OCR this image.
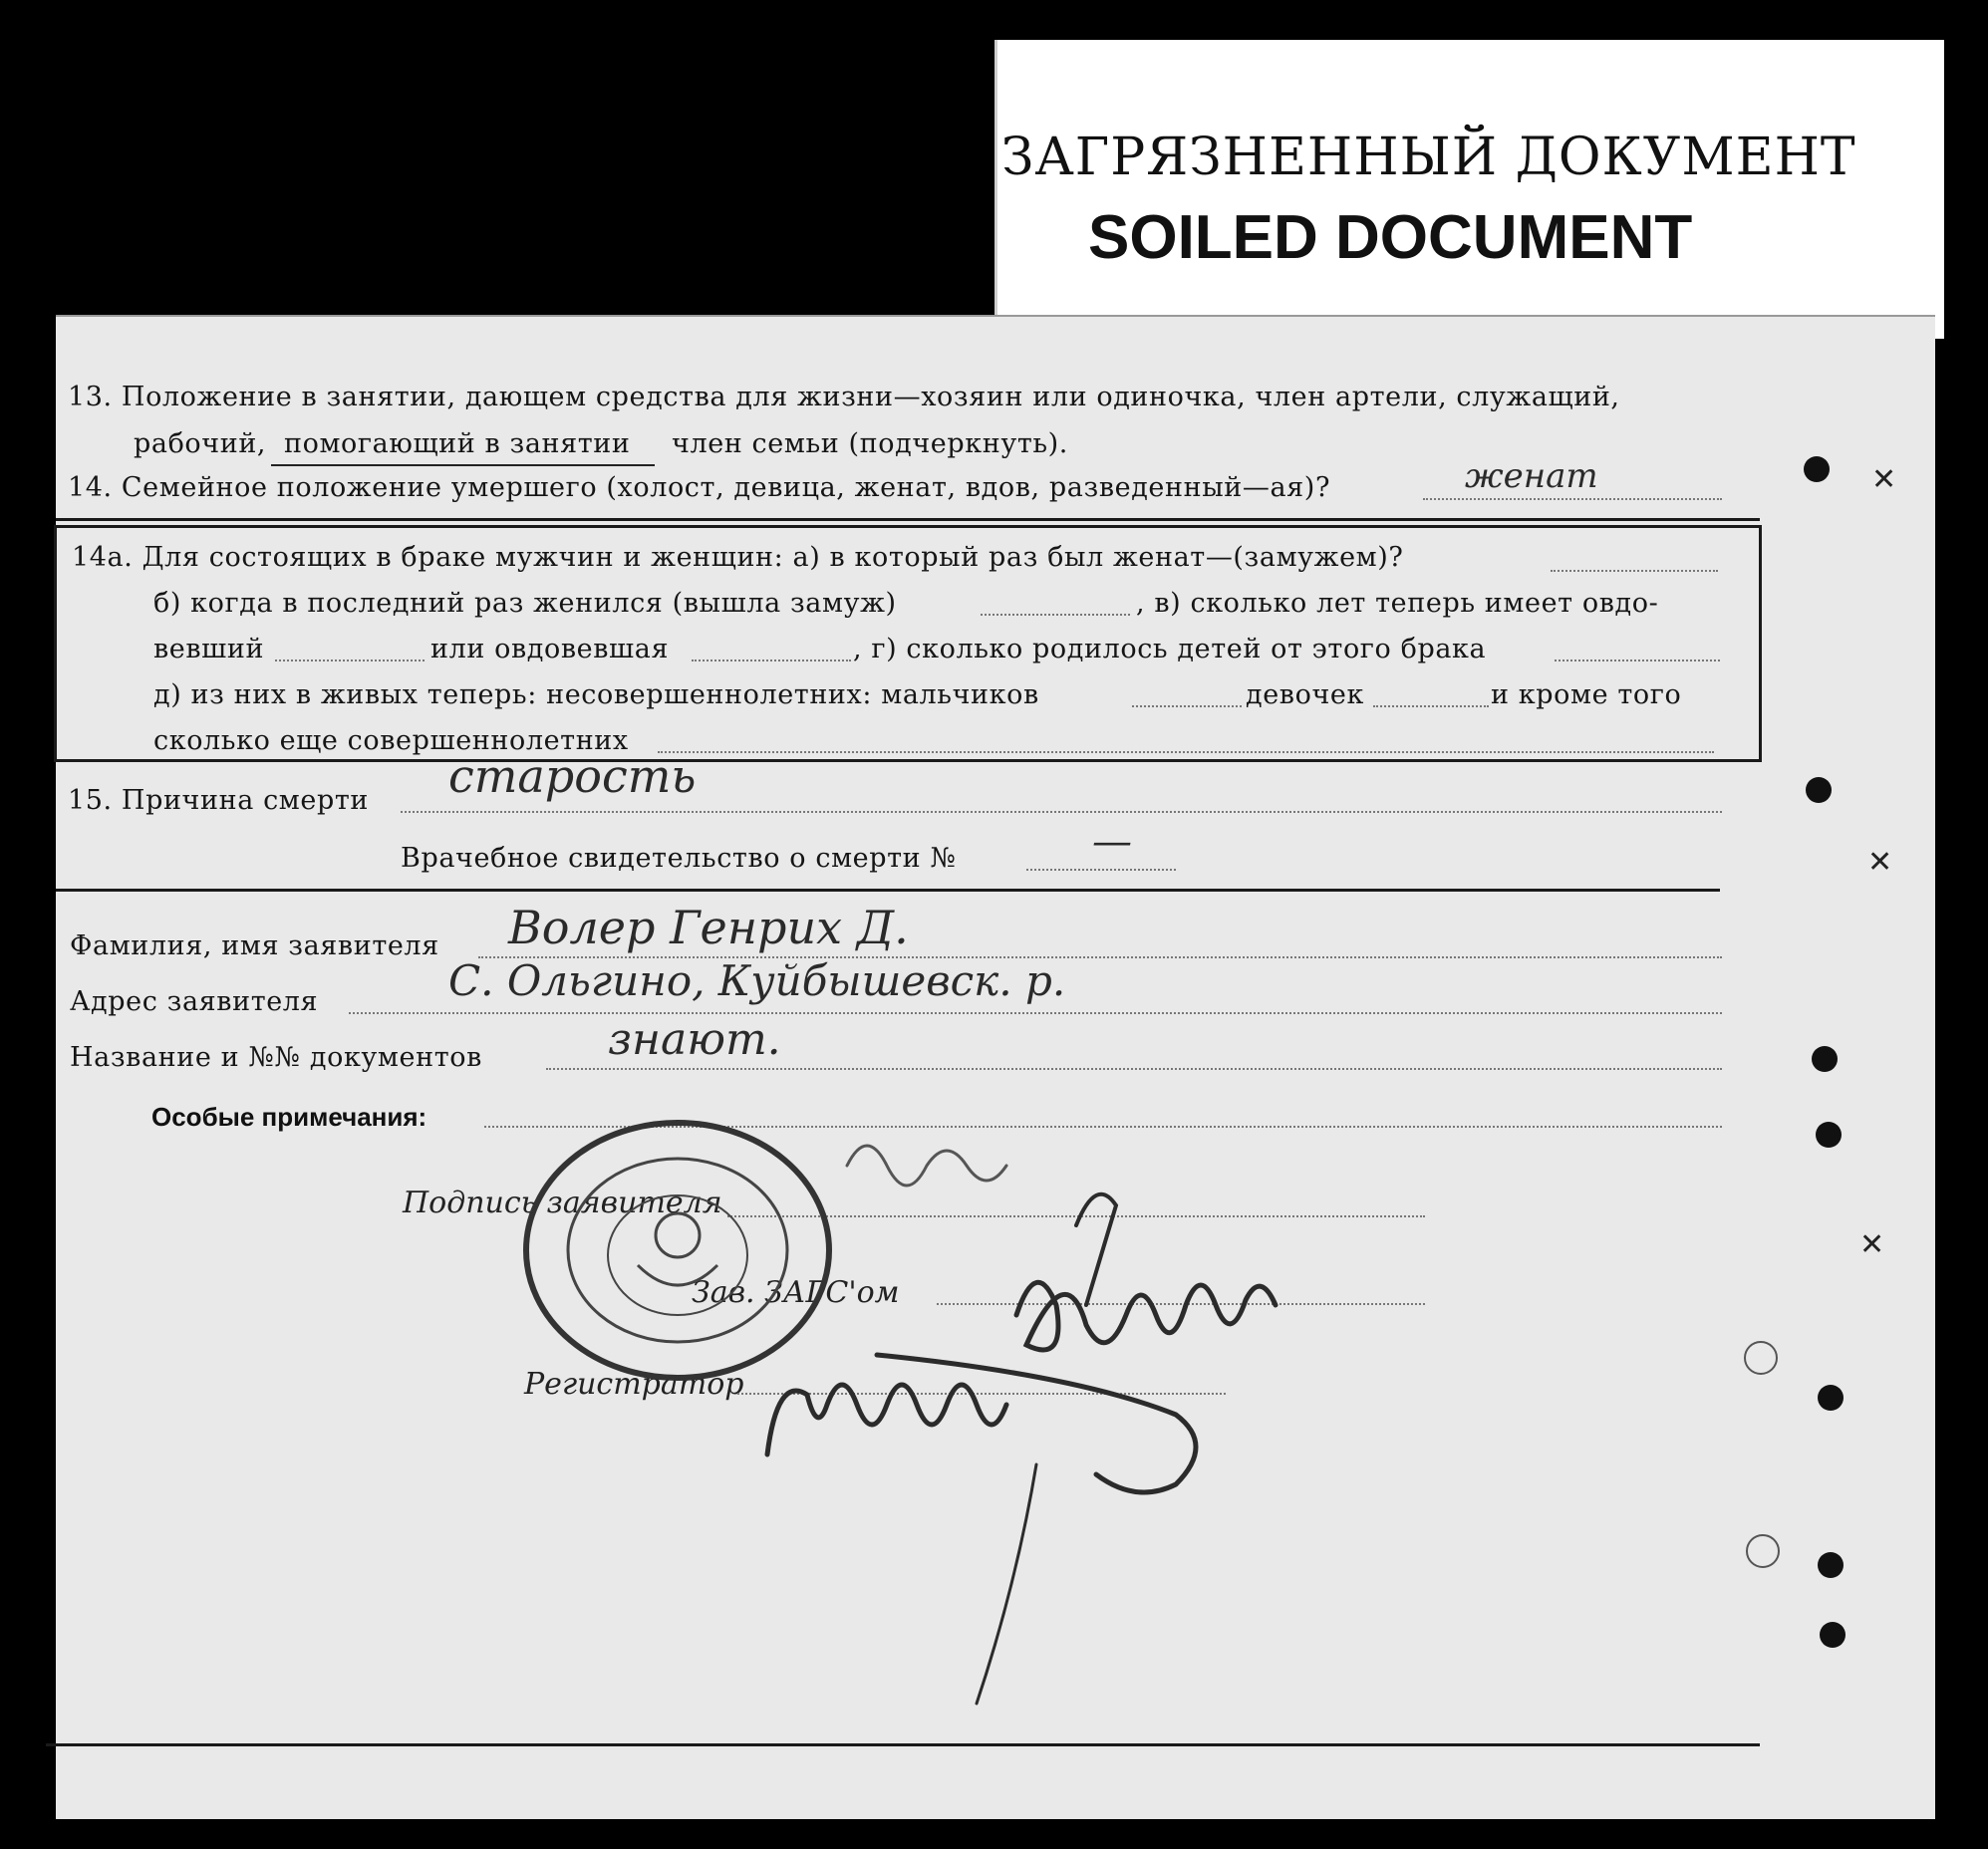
ЗАГРЯЗНЕННЫЙ ДОКУМЕНТ
SOILED DOCUMENT
13. Положение в занятии, дающем средства для жизни—хозяин или одиночка, член артели, служащий,
рабочий, помогающий в занятии член семьи (подчеркнуть).
14. Семейное положение умершего (холост, девица, женат, вдов, разведенный—ая)?	женат
14а. Для состоящих в браке мужчин и женщин: а) в который раз был женат—(замужем)?
б) когда в последний раз женился (вышла замуж)	, в) сколько лет теперь имеет овдо-
вевший	или овдовевшая	, г) сколько родилось детей от этого брака
д) из них в живых теперь: несовершеннолетних: мальчиков	девочек	и кроме того
сколько еще совершеннолетних
15. Причина смерти старость
Врачебное свидетельство о смерти №	—
Фамилия, имя заявителя Волер Генрих Д.
Адрес заявителя	С. Ольгино, Куйбышевск. р.
Название и №№ документов	знают.
Особые примечания:
Подпись заявителя
Зав. ЗАГС'ом
Регистратор
✕
✕
✕
